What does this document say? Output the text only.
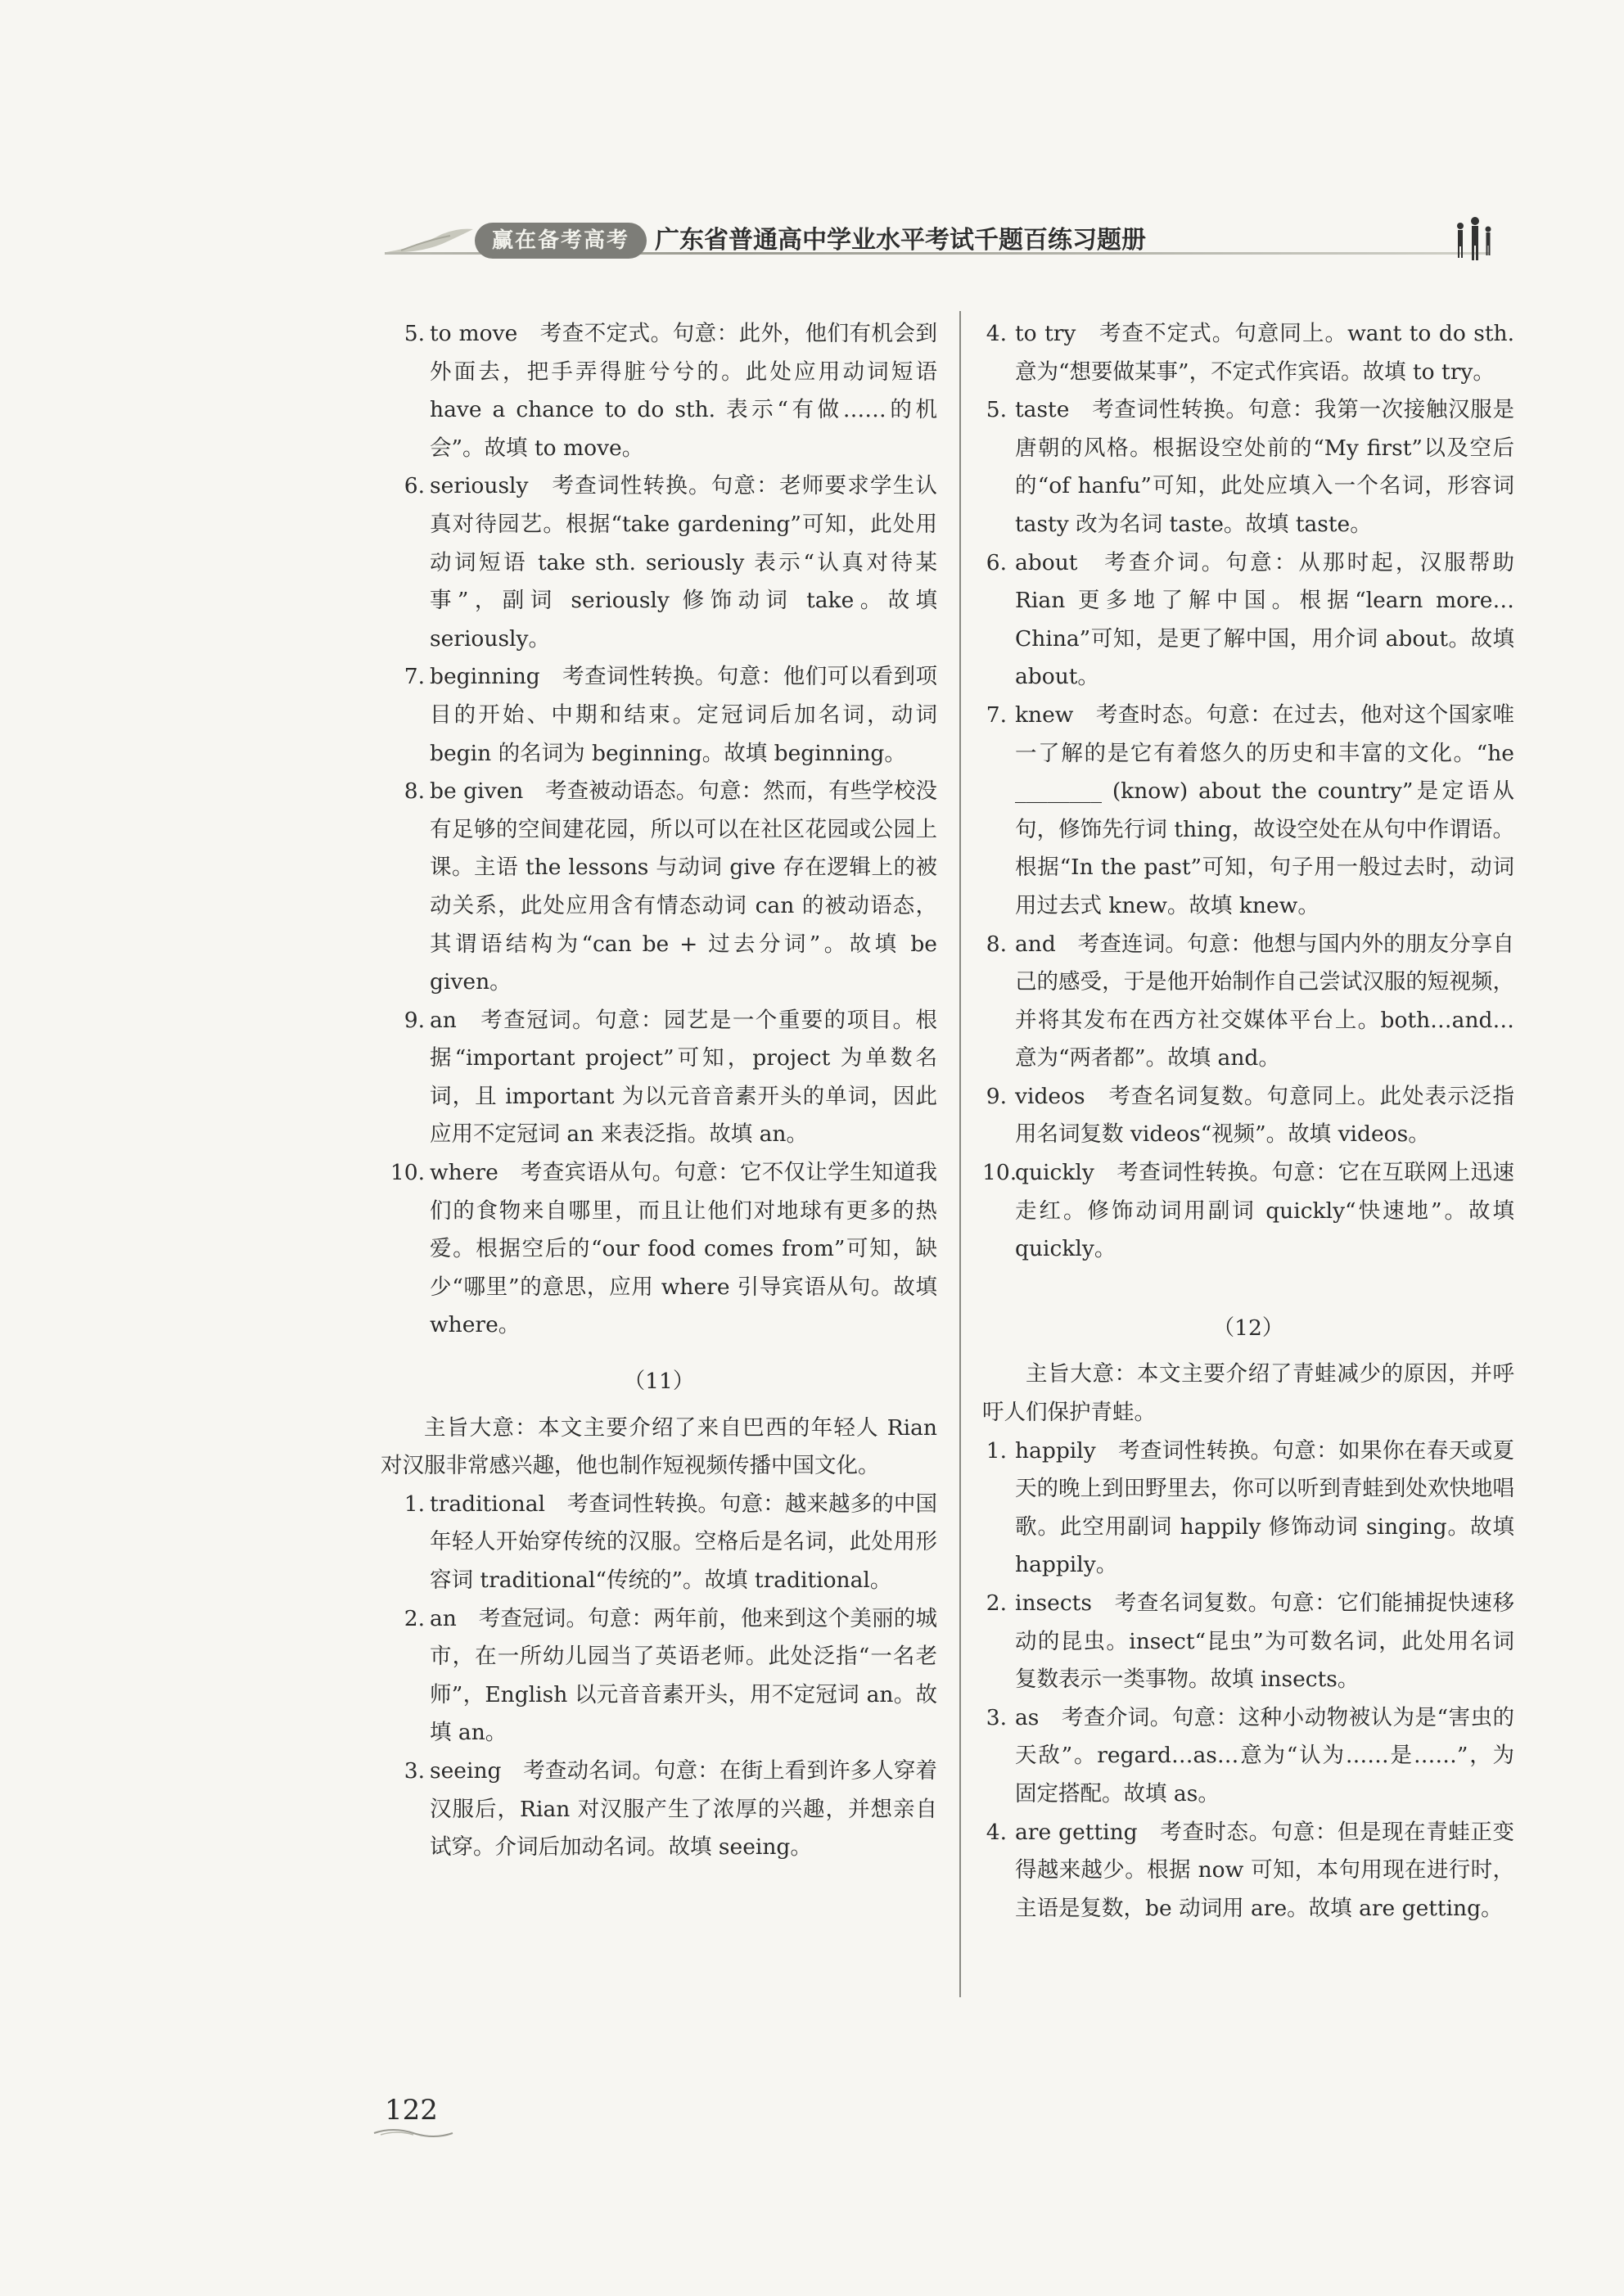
赢在备考高考	广东省普通高中学业水平考试千题百练习题册
5 . to move　考查不定式。句意：此外，他们有机会到外面去，把手弄得脏兮兮的。此处应用动词短语 have a chance to do sth. 表示“有做……的机会”。故填 to move。
6 . seriously　考查词性转换。句意：老师要求学生认真对待园艺。根据“take gardening”可知，此处用动词短语 take sth. seriously 表示“认真对待某事”，副词 seriously 修饰动词 take。故填 seriously。
7 . beginning　考查词性转换。句意：他们可以看到项目的开始、中期和结束。定冠词后加名词，动词 begin 的名词为 beginning。故填 beginning。
8 . be given　考查被动语态。句意：然而，有些学校没有足够的空间建花园，所以可以在社区花园或公园上课。主语 the lessons 与动词 give 存在逻辑上的被动关系，此处应用含有情态动词 can 的被动语态，其谓语结构为“can be + 过去分词”。故填 be given。
9 . an　考查冠词。句意：园艺是一个重要的项目。根据“important project”可知，project 为单数名词，且 important 为以元音音素开头的单词，因此应用不定冠词 an 来表泛指。故填 an。
10 . where　考查宾语从句。句意：它不仅让学生知道我们的食物来自哪里，而且让他们对地球有更多的热爱。根据空后的“our food comes from”可知，缺少“哪里”的意思，应用 where 引导宾语从句。故填 where。
（11）
主旨大意：本文主要介绍了来自巴西的年轻人 Rian 对汉服非常感兴趣，他也制作短视频传播中国文化。
1 . traditional　考查词性转换。句意：越来越多的中国年轻人开始穿传统的汉服。空格后是名词，此处用形容词 traditional“传统的”。故填 traditional。
2 . an　考查冠词。句意：两年前，他来到这个美丽的城市，在一所幼儿园当了英语老师。此处泛指“一名老师”，English 以元音音素开头，用不定冠词 an。故填 an。
3 . seeing　考查动名词。句意：在街上看到许多人穿着汉服后，Rian 对汉服产生了浓厚的兴趣，并想亲自试穿。介词后加动名词。故填 seeing。
4 . to try　考查不定式。句意同上。want to do sth. 意为“想要做某事”，不定式作宾语。故填 to try。
5 . taste　考查词性转换。句意：我第一次接触汉服是唐朝的风格。根据设空处前的“My first”以及空后的“of hanfu”可知，此处应填入一个名词，形容词 tasty 改为名词 taste。故填 taste。
6 . about　考查介词。句意：从那时起，汉服帮助 Rian 更多地了解中国。根据“learn more…China”可知，是更了解中国，用介词 about。故填 about。
7 . knew　考查时态。句意：在过去，他对这个国家唯一了解的是它有着悠久的历史和丰富的文化。“he ________ (know) about the country”是定语从句，修饰先行词 thing，故设空处在从句中作谓语。根据“In the past”可知，句子用一般过去时，动词用过去式 knew。故填 knew。
8 . and　考查连词。句意：他想与国内外的朋友分享自己的感受，于是他开始制作自己尝试汉服的短视频，并将其发布在西方社交媒体平台上。both…and…意为“两者都”。故填 and。
9 . videos　考查名词复数。句意同上。此处表示泛指用名词复数 videos“视频”。故填 videos。
10 . quickly　考查词性转换。句意：它在互联网上迅速走红。修饰动词用副词 quickly“快速地”。故填 quickly。
（12）
主旨大意：本文主要介绍了青蛙减少的原因，并呼吁人们保护青蛙。
1 . happily　考查词性转换。句意：如果你在春天或夏天的晚上到田野里去，你可以听到青蛙到处欢快地唱歌。此空用副词 happily 修饰动词 singing。故填 happily。
2 . insects　考查名词复数。句意：它们能捕捉快速移动的昆虫。insect“昆虫”为可数名词，此处用名词复数表示一类事物。故填 insects。
3 . as　考查介词。句意：这种小动物被认为是“害虫的天敌”。regard…as…意为“认为……是……”，为固定搭配。故填 as。
4 . are getting　考查时态。句意：但是现在青蛙正变得越来越少。根据 now 可知，本句用现在进行时，主语是复数，be 动词用 are。故填 are getting。
122
